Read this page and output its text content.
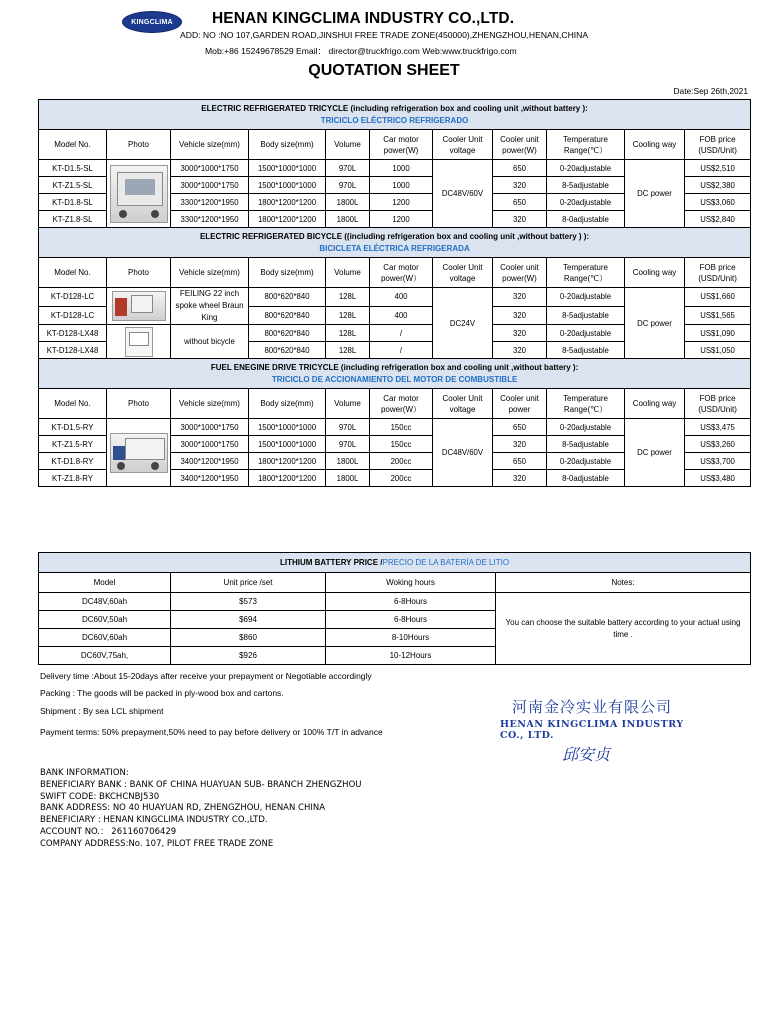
KINGCLIMA	HENAN KINGCLIMA INDUSTRY CO.,LTD.
ADD: NO :NO 107,GARDEN ROAD,JINSHUI FREE TRADE ZONE(450000),ZHENGZHOU,HENAN,CHINA
Mob:+86 15249678529 Email： director@truckfrigo.com Web:www.truckfrigo.com
QUOTATION SHEET
Date:Sep 26th,2021
ELECTRIC REFRIGERATED TRICYCLE (including refrigeration box and cooling unit ,without battery ):
TRICICLO ELÉCTRICO REFRIGERADO										

Model No.	Photo	Vehicle size(mm)	Body size(mm)	Volume	Car motor power(W)	Cooler Unit voltage	Cooler unit power(W)	Temperature Range(℃）	Cooling way	FOB price (USD/Unit)
KT-D1.5-SL		3000*1000*1750	1500*1000*1000	970L	1000	DC48V/60V	650	0-20adjustable	DC power	US$2,510
KT-Z1.5-SL		3000*1000*1750	1500*1000*1000	970L	1000		320	8-5adjustable		US$2,380
KT-D1.8-SL		3300*1200*1950	1800*1200*1200	1800L	1200		650	0-20adjustable		US$3,060
KT-Z1.8-SL		3300*1200*1950	1800*1200*1200	1800L	1200		320	8-0adjustable		US$2,840

ELECTRIC REFRIGERATED BICYCLE ((including refrigeration box and cooling unit ,without battery ) ):
BICICLETA ELÉCTRICA REFRIGERADA										

Model No.	Photo	Vehicle size(mm)	Body size(mm)	Volume	Car motor power(W）	Cooler Unit voltage	Cooler unit power(W)	Temperature Range(℃）	Cooling way	FOB price (USD/Unit)
KT-D128-LC		FEILING 22 inch spoke wheel Braun King	800*620*840	128L	400	DC24V	320	0-20adjustable	DC power	US$1,660
KT-D128-LC			800*620*840	128L	400		320	8-5adjustable		US$1,565
KT-D128-LX48		without bicycle	800*620*840	128L	/		320	0-20adjustable		US$1,090
KT-D128-LX48			800*620*840	128L	/		320	8-5adjustable		US$1,050

FUEL ENEGINE DRIVE TRICYCLE (including refrigeration box and cooling unit ,without battery ):
TRICICLO DE ACCIONAMIENTO DEL MOTOR DE COMBUSTIBLE										

Model No.	Photo	Vehicle size(mm)	Body size(mm)	Volume	Car motor power(W）	Cooler Unit voltage	Cooler unit power	Temperature Range(℃）	Cooling way	FOB price (USD/Unit)
KT-D1.5-RY		3000*1000*1750	1500*1000*1000	970L	150cc	DC48V/60V	650	0-20adjustable	DC power	US$3,475
KT-Z1.5-RY		3000*1000*1750	1500*1000*1000	970L	150cc		320	8-5adjustable		US$3,260
KT-D1.8-RY		3400*1200*1950	1800*1200*1200	1800L	200cc		650	0-20adjustable		US$3,700
KT-Z1.8-RY		3400*1200*1950	1800*1200*1200	1800L	200cc		320	8-0adjustable		US$3,480
LITHIUM BATTERY PRICE /PRECIO DE LA BATERÍA DE LITIO			
Model	Unit price /set	Woking hours	Notes:
DC48V,60ah	$573	6-8Hours	You can choose the suitable battery according to your actual using time .
DC60V,50ah	$694	6-8Hours	
DC60V,60ah	$860	8-10Hours	
DC60V,75ah,	$926	10-12Hours	
Delivery time :About 15-20days after receive your prepayment or Negotiable accordingly
Packing : The goods will be packed in ply-wood box and cartons.
Shipment : By sea LCL shipment
Payment terms: 50% prepayment,50% need to pay before delivery or 100% T/T in advance
河南金冷实业有限公司
HENAN KINGCLIMA INDUSTRY CO., LTD.
邱安贞
BANK INFORMATION:
BENEFICIARY BANK : BANK OF CHINA HUAYUAN SUB- BRANCH ZHENGZHOU
SWIFT CODE: BKCHCNBJ530
BANK ADDRESS: NO 40 HUAYUAN RD, ZHENGZHOU, HENAN CHINA
BENEFICIARY : HENAN KINGCLIMA INDUSTRY CO.,LTD.
ACCOUNT NO.： 261160706429
COMPANY ADDRESS:No. 107, PILOT FREE TRADE ZONE
